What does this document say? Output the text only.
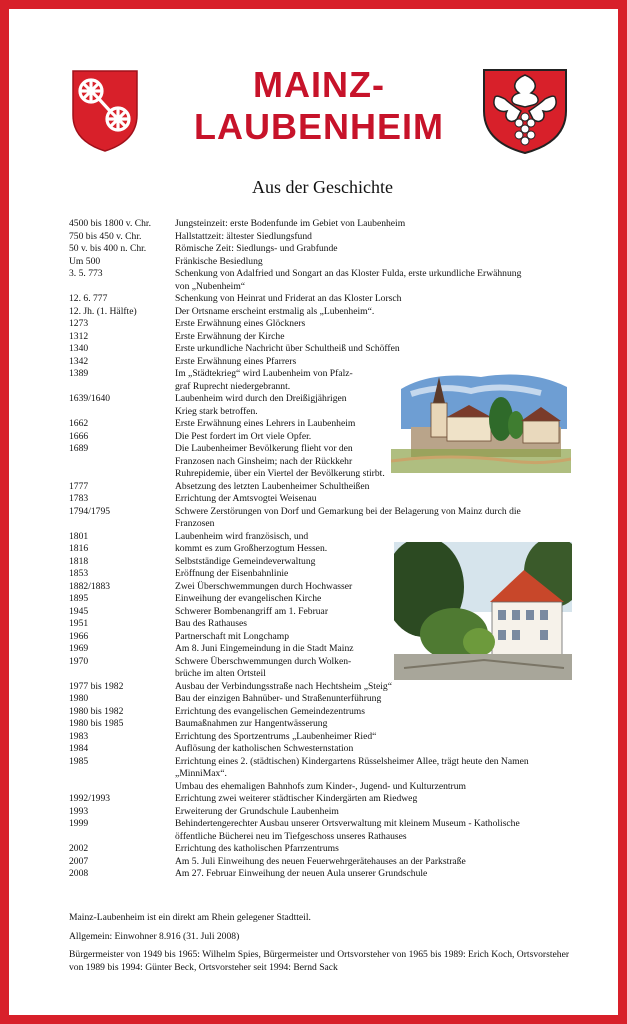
MAINZ-
LAUBENHEIM
Aus der Geschichte
4500 bis 1800 v. Chr.	Jungsteinzeit: erste Bodenfunde im Gebiet von Laubenheim
750 bis 450 v. Chr.	Hallstattzeit: ältester Siedlungsfund
50 v. bis 400 n. Chr.	Römische Zeit: Siedlungs- und Grabfunde
Um 500	Fränkische Besiedlung
3. 5. 773	Schenkung von Adalfried und Songart an das Kloster Fulda, erste urkundliche Erwähnung
von „Nubenheim“
12. 6. 777	Schenkung von Heinrat und Friderat an das Kloster Lorsch
12. Jh. (1. Hälfte)	Der Ortsname erscheint erstmalig als „Lubenheim“.
1273	Erste Erwähnung eines Glöckners
1312	Erste Erwähnung der Kirche
1340	Erste urkundliche Nachricht über Schultheiß und Schöffen
1342	Erste Erwähnung eines Pfarrers
1389	Im „Städtekrieg“ wird Laubenheim von Pfalz-
graf Ruprecht niedergebrannt.
1639/1640	Laubenheim wird durch den Dreißigjährigen
Krieg stark betroffen.
1662	Erste Erwähnung eines Lehrers in Laubenheim
1666	Die Pest fordert im Ort viele Opfer.
1689	Die Laubenheimer Bevölkerung flieht vor den
Franzosen nach Ginsheim; nach der Rückkehr
Ruhrepidemie, über ein Viertel der Bevölkerung stirbt.
1777	Absetzung des letzten Laubenheimer Schultheißen
1783	Errichtung der Amtsvogtei Weisenau
1794/1795	Schwere Zerstörungen von Dorf und Gemarkung bei der Belagerung von Mainz durch die
Franzosen
1801	Laubenheim wird französisch, und
1816	kommt es zum Großherzogtum Hessen.
1818	Selbstständige Gemeindeverwaltung
1853	Eröffnung der Eisenbahnlinie
1882/1883	Zwei Überschwemmungen durch Hochwasser
1895	Einweihung der evangelischen Kirche
1945	Schwerer Bombenangriff am 1. Februar
1951	Bau des Rathauses
1966	Partnerschaft mit Longchamp
1969	Am 8. Juni Eingemeindung in die Stadt Mainz
1970	Schwere Überschwemmungen durch Wolken-
brüche im alten Ortsteil
1977 bis 1982	Ausbau der Verbindungsstraße nach Hechtsheim „Steig“
1980	Bau der einzigen Bahnüber- und Straßenunterführung
1980 bis 1982	Errichtung des evangelischen Gemeindezentrums
1980 bis 1985	Baumaßnahmen zur Hangentwässerung
1983	Errichtung des Sportzentrums „Laubenheimer Ried“
1984	Auflösung der katholischen Schwesternstation
1985	Errichtung eines 2. (städtischen) Kindergartens Rüsselsheimer Allee, trägt heute den Namen
„MinniMax“.
Umbau des ehemaligen Bahnhofs zum Kinder-, Jugend- und Kulturzentrum
1992/1993	Errichtung zwei weiterer städtischer Kindergärten am Riedweg
1993	Erweiterung der Grundschule Laubenheim
1999	Behindertengerechter Ausbau unserer Ortsverwaltung mit kleinem Museum - Katholische
öffentliche Bücherei neu im Tiefgeschoss unseres Rathauses
2002	Errichtung des katholischen Pfarrzentrums
2007	Am 5. Juli Einweihung des neuen Feuerwehrgerätehauses an der Parkstraße
2008	Am 27. Februar Einweihung der neuen Aula unserer Grundschule

Mainz-Laubenheim ist ein direkt am Rhein gelegener Stadtteil.

Allgemein: Einwohner 8.916 (31. Juli 2008)

Bürgermeister von 1949 bis 1965: Wilhelm Spies, Bürgermeister und Ortsvorsteher von 1965 bis 1989: Erich Koch, Ortsvorsteher von 1989 bis 1994: Günter Beck, Ortsvorsteher seit 1994: Bernd Sack
